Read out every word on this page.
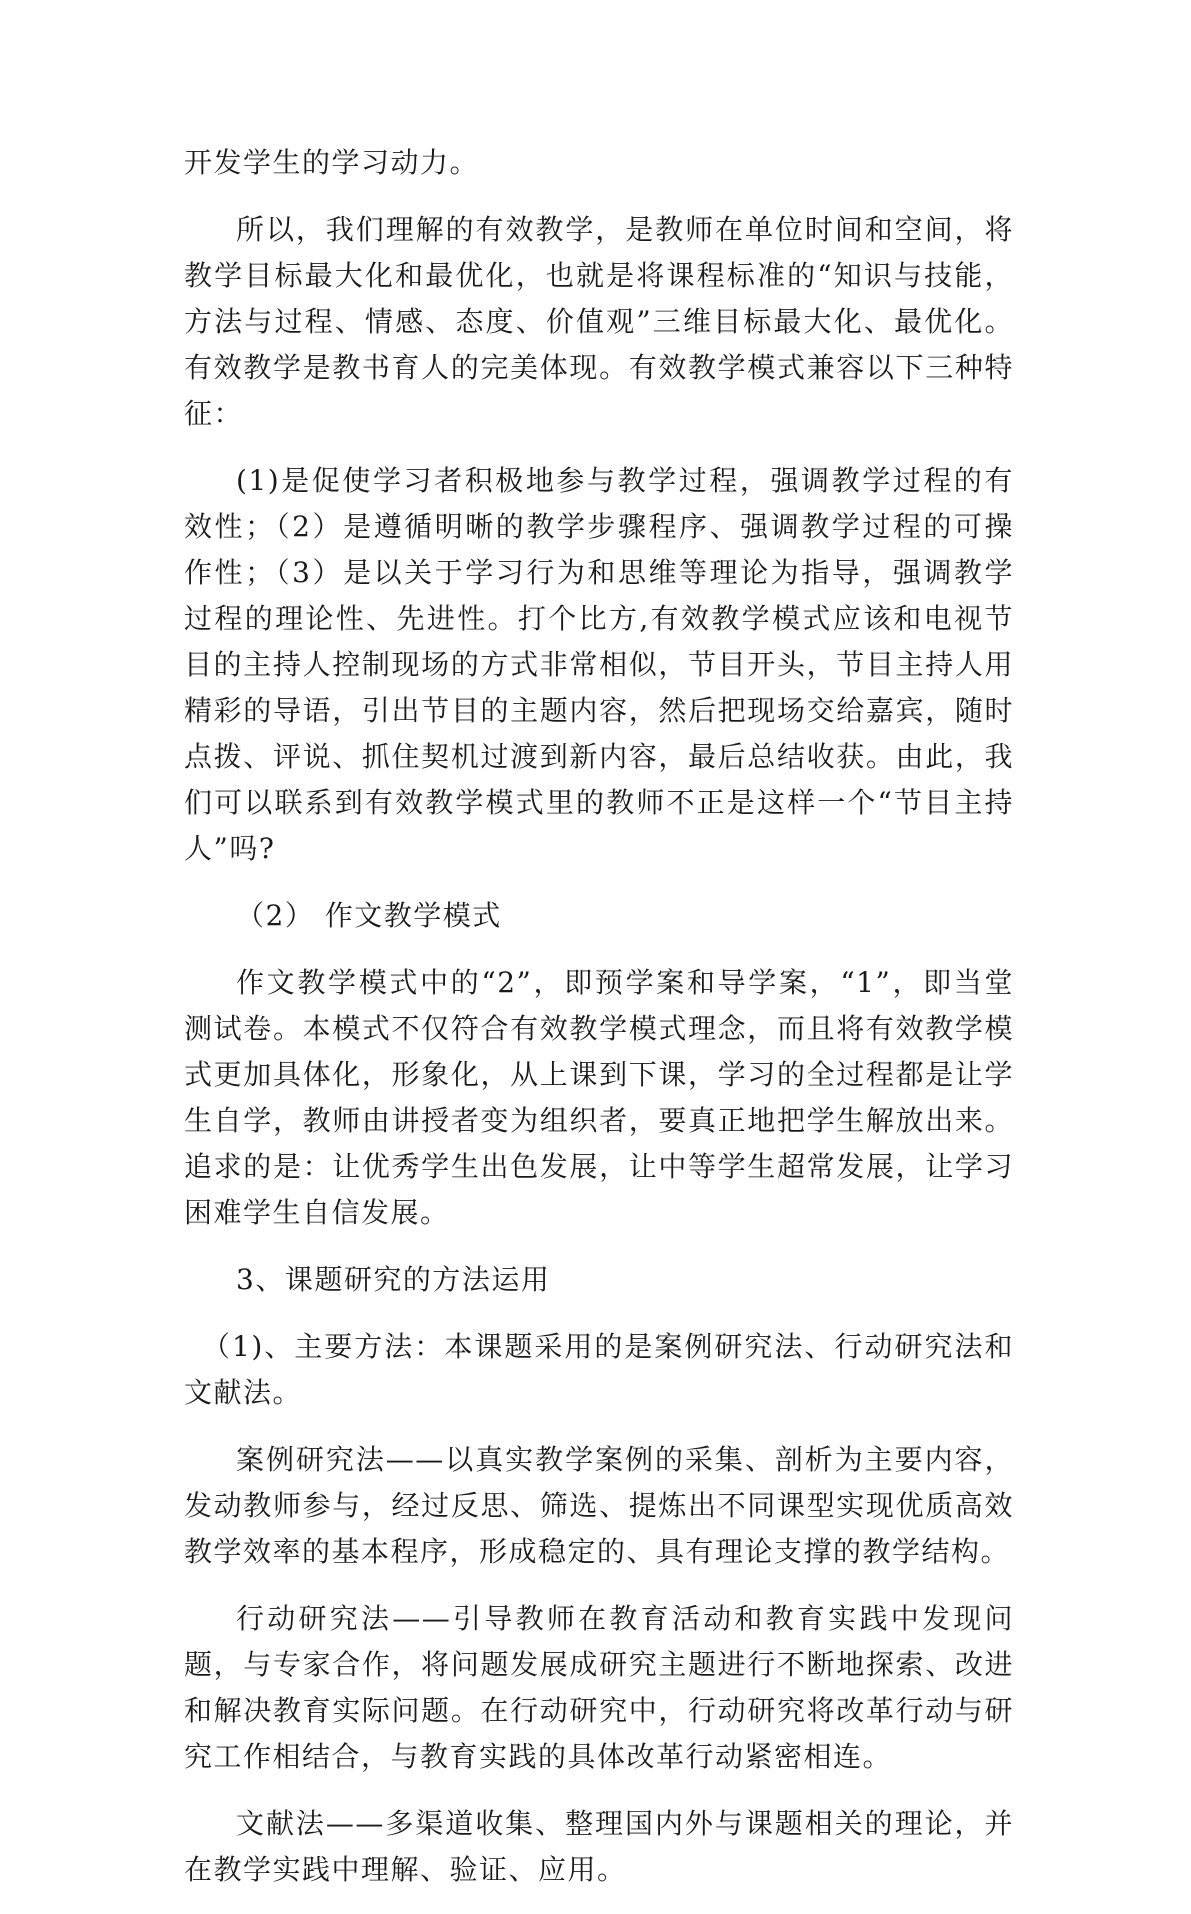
开发学生的学习动力。

所以，我们理解的有效教学，是教师在单位时间和空间，将教学目标最大化和最优化，也就是将课程标准的“知识与技能，方法与过程、情感、态度、价值观”三维目标最大化、最优化。有效教学是教书育人的完美体现。有效教学模式兼容以下三种特征：

(1)是促使学习者积极地参与教学过程，强调教学过程的有效性；（2）是遵循明晰的教学步骤程序、强调教学过程的可操作性；（3）是以关于学习行为和思维等理论为指导，强调教学过程的理论性、先进性。打个比方,有效教学模式应该和电视节目的主持人控制现场的方式非常相似，节目开头，节目主持人用精彩的导语，引出节目的主题内容，然后把现场交给嘉宾，随时点拨、评说、抓住契机过渡到新内容，最后总结收获。由此，我们可以联系到有效教学模式里的教师不正是这样一个“节目主持人”吗?

（2） 作文教学模式

作文教学模式中的“2”，即预学案和导学案，“1”，即当堂测试卷。本模式不仅符合有效教学模式理念，而且将有效教学模式更加具体化，形象化，从上课到下课，学习的全过程都是让学生自学，教师由讲授者变为组织者，要真正地把学生解放出来。追求的是：让优秀学生出色发展，让中等学生超常发展，让学习困难学生自信发展。

3、课题研究的方法运用

（1)、主要方法：本课题采用的是案例研究法、行动研究法和文献法。

案例研究法——以真实教学案例的采集、剖析为主要内容，发动教师参与，经过反思、筛选、提炼出不同课型实现优质高效教学效率的基本程序，形成稳定的、具有理论支撑的教学结构。

行动研究法——引导教师在教育活动和教育实践中发现问题，与专家合作，将问题发展成研究主题进行不断地探索、改进和解决教育实际问题。在行动研究中，行动研究将改革行动与研究工作相结合，与教育实践的具体改革行动紧密相连。

文献法——多渠道收集、整理国内外与课题相关的理论，并在教学实践中理解、验证、应用。
